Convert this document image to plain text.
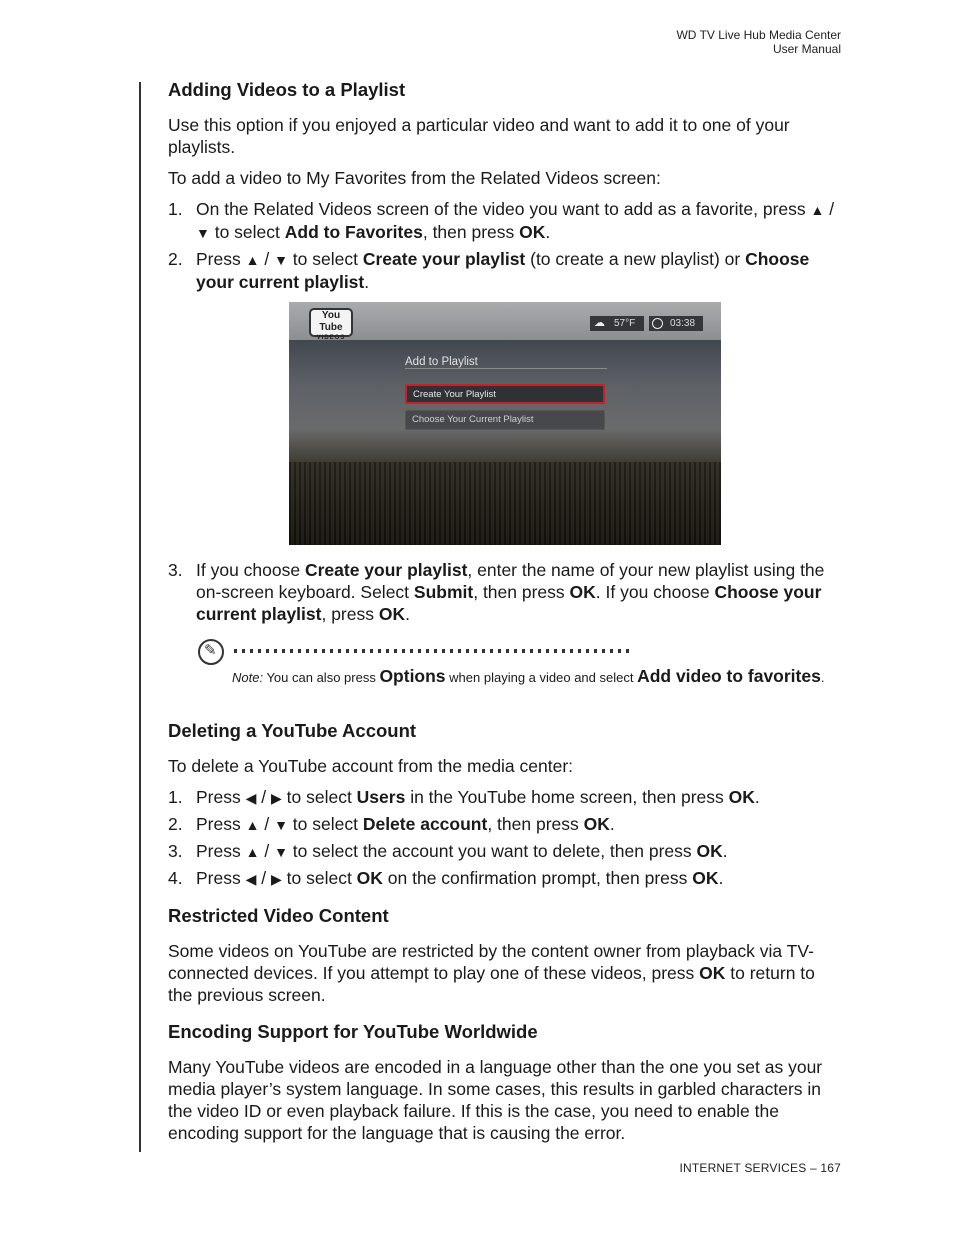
WD TV Live Hub Media Center
User Manual
Adding Videos to a Playlist

Use this option if you enjoyed a particular video and want to add it to one of your playlists.

To add a video to My Favorites from the Related Videos screen:

1. On the Related Videos screen of the video you want to add as a favorite, press ▲ / ▼ to select Add to Favorites, then press OK.
2. Press ▲ / ▼ to select Create your playlist (to create a new playlist) or Choose your current playlist.
You Tube
VIDEOS
☁ 57°F	03:38
Add to Playlist
Create Your Playlist
Choose Your Current Playlist
3. If you choose Create your playlist, enter the name of your new playlist using the on-screen keyboard. Select Submit, then press OK. If you choose Choose your current playlist, press OK.
✎
Note: You can also press Options when playing a video and select Add video to favorites.
Deleting a YouTube Account

To delete a YouTube account from the media center:

1. Press ◀ / ▶ to select Users in the YouTube home screen, then press OK.
2. Press ▲ / ▼ to select Delete account, then press OK.
3. Press ▲ / ▼ to select the account you want to delete, then press OK.
4. Press ◀ / ▶ to select OK on the confirmation prompt, then press OK.
Restricted Video Content

Some videos on YouTube are restricted by the content owner from playback via TV-connected devices. If you attempt to play one of these videos, press OK to return to the previous screen.

Encoding Support for YouTube Worldwide

Many YouTube videos are encoded in a language other than the one you set as your media player’s system language. In some cases, this results in garbled characters in the video ID or even playback failure. If this is the case, you need to enable the encoding support for the language that is causing the error.

INTERNET SERVICES – 167
